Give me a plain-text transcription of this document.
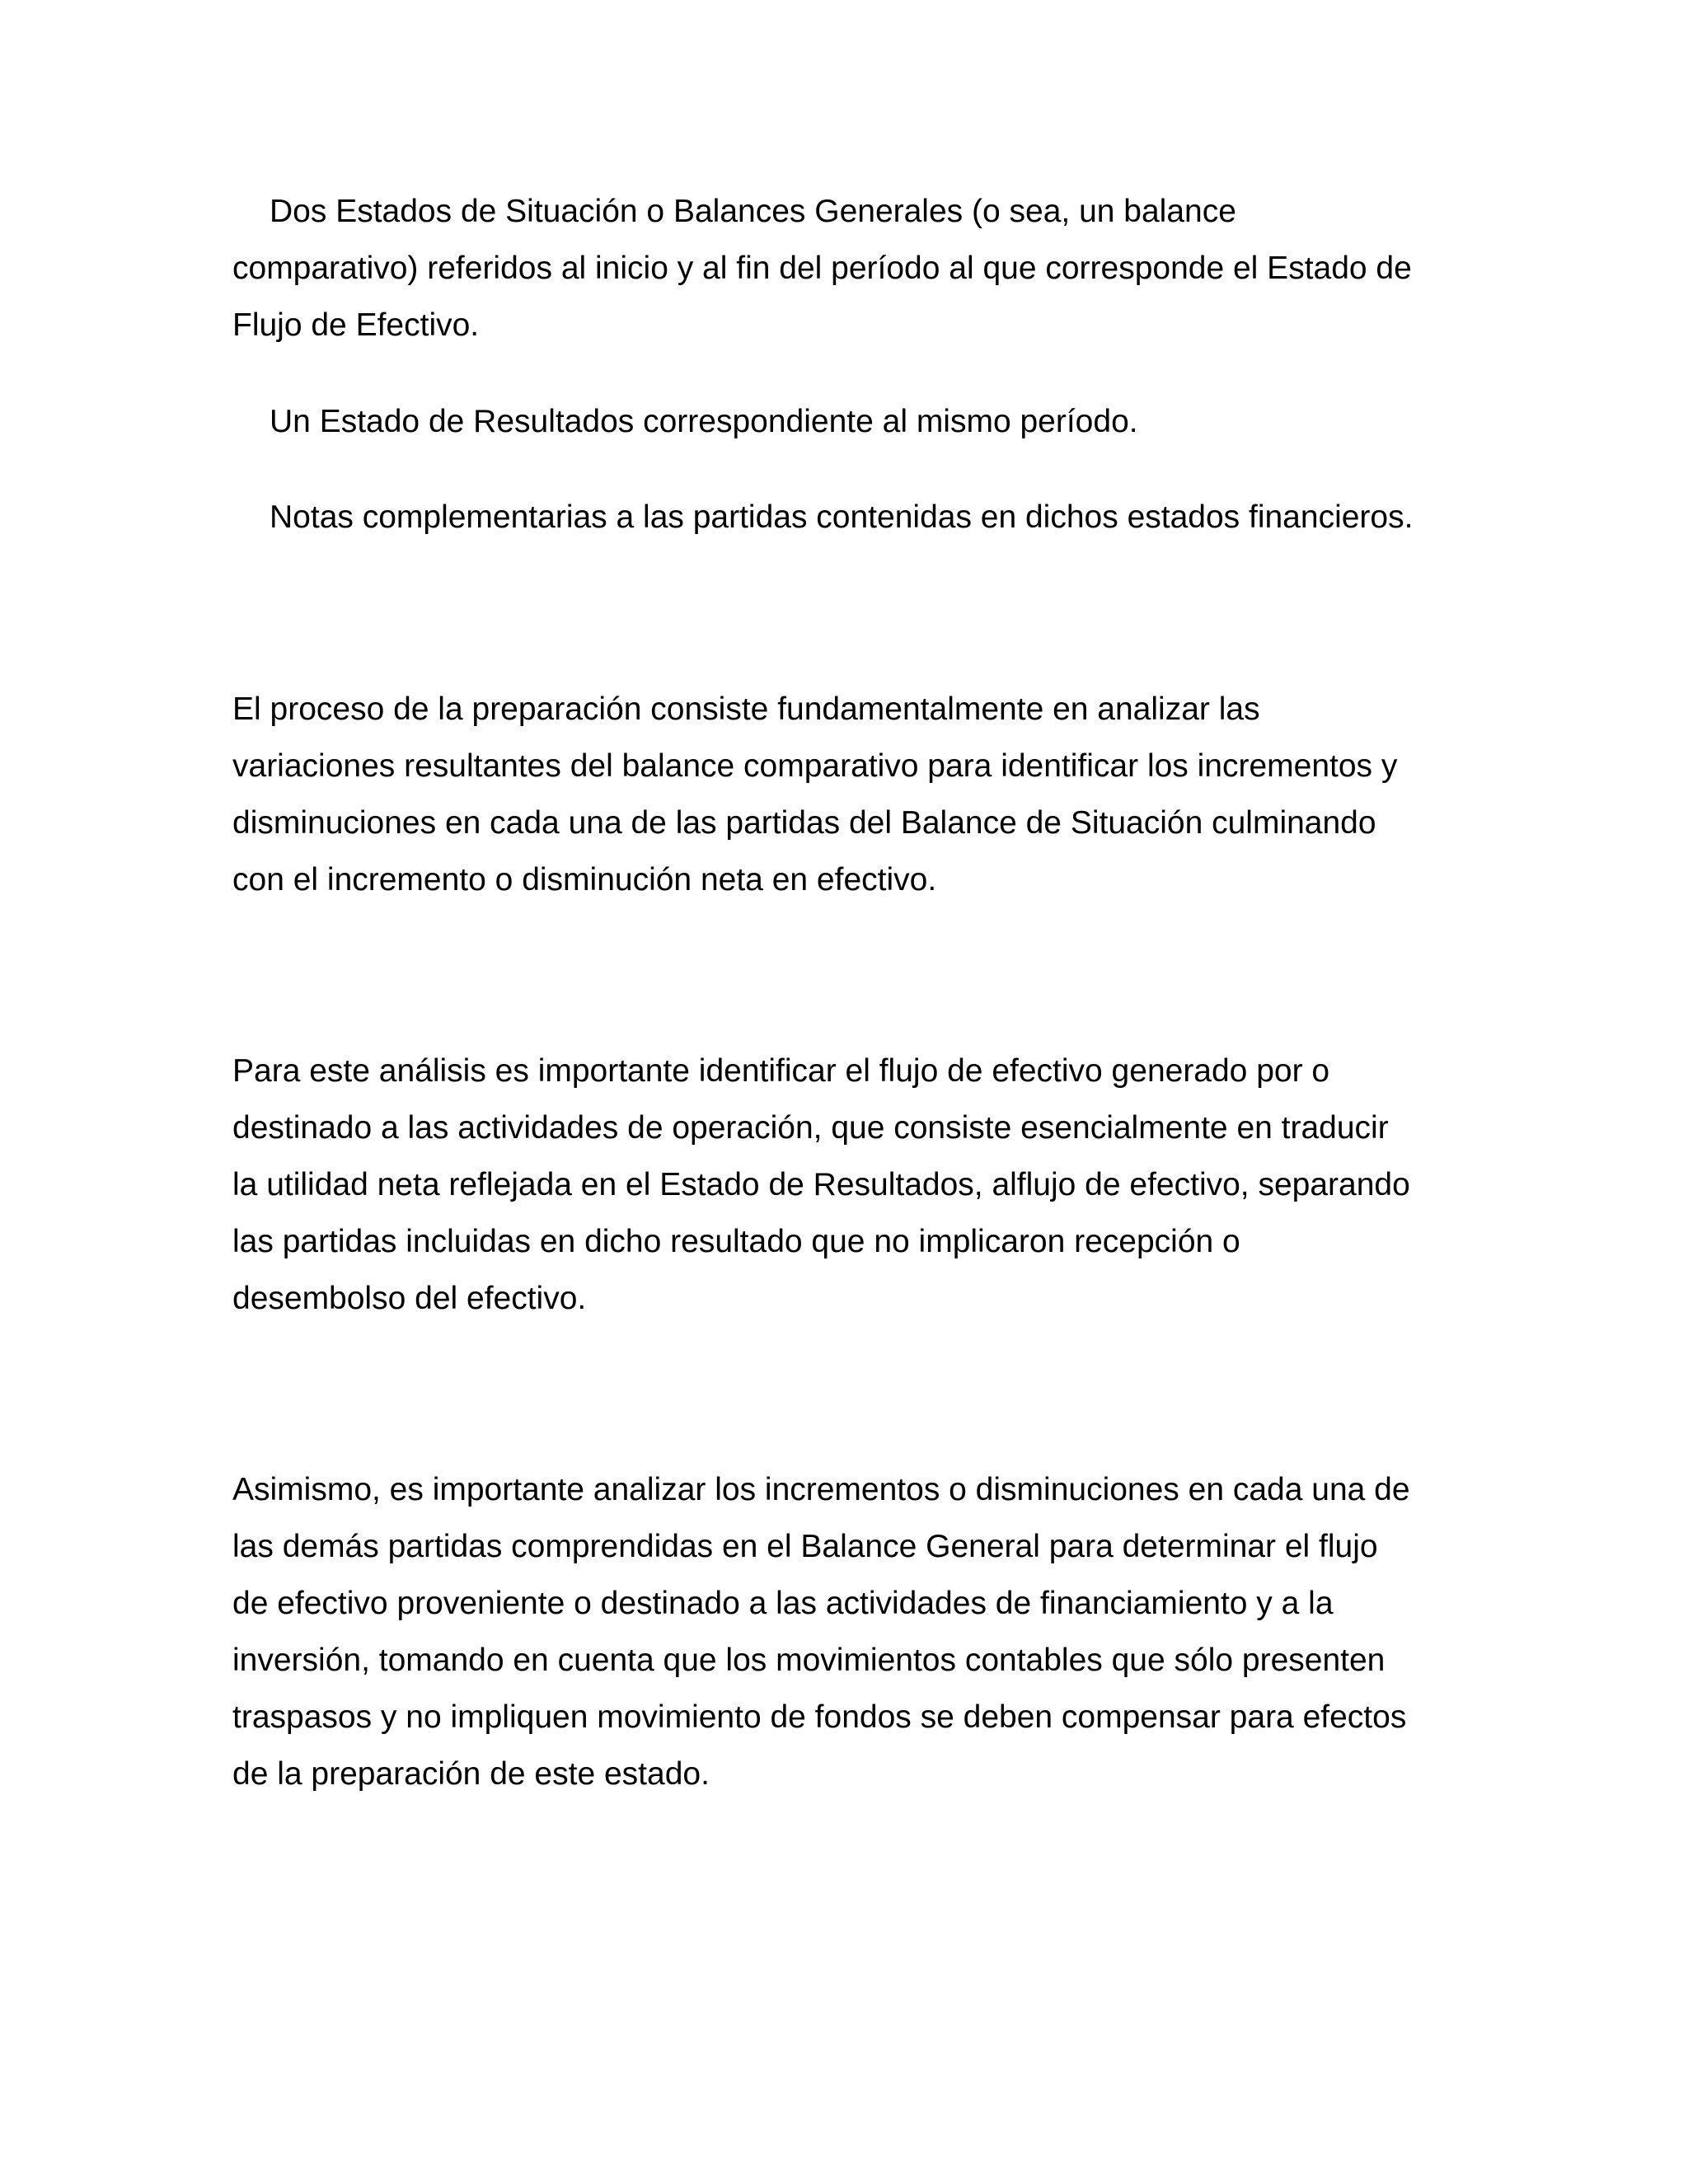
Dos Estados de Situación o Balances Generales (o sea, un balance

comparativo) referidos al inicio y al fin del período al que corresponde el Estado de

Flujo de Efectivo.

Un Estado de Resultados correspondiente al mismo período.

Notas complementarias a las partidas contenidas en dichos estados financieros.

El proceso de la preparación consiste fundamentalmente en analizar las

variaciones resultantes del balance comparativo para identificar los incrementos y

disminuciones en cada una de las partidas del Balance de Situación culminando

con el incremento o disminución neta en efectivo.

Para este análisis es importante identificar el flujo de efectivo generado por o

destinado a las actividades de operación, que consiste esencialmente en traducir

la utilidad neta reflejada en el Estado de Resultados, alflujo de efectivo, separando

las partidas incluidas en dicho resultado que no implicaron recepción o

desembolso del efectivo.

Asimismo, es importante analizar los incrementos o disminuciones en cada una de

las demás partidas comprendidas en el Balance General para determinar el flujo

de efectivo proveniente o destinado a las actividades de financiamiento y a la

inversión, tomando en cuenta que los movimientos contables que sólo presenten

traspasos y no impliquen movimiento de fondos se deben compensar para efectos

de la preparación de este estado.
